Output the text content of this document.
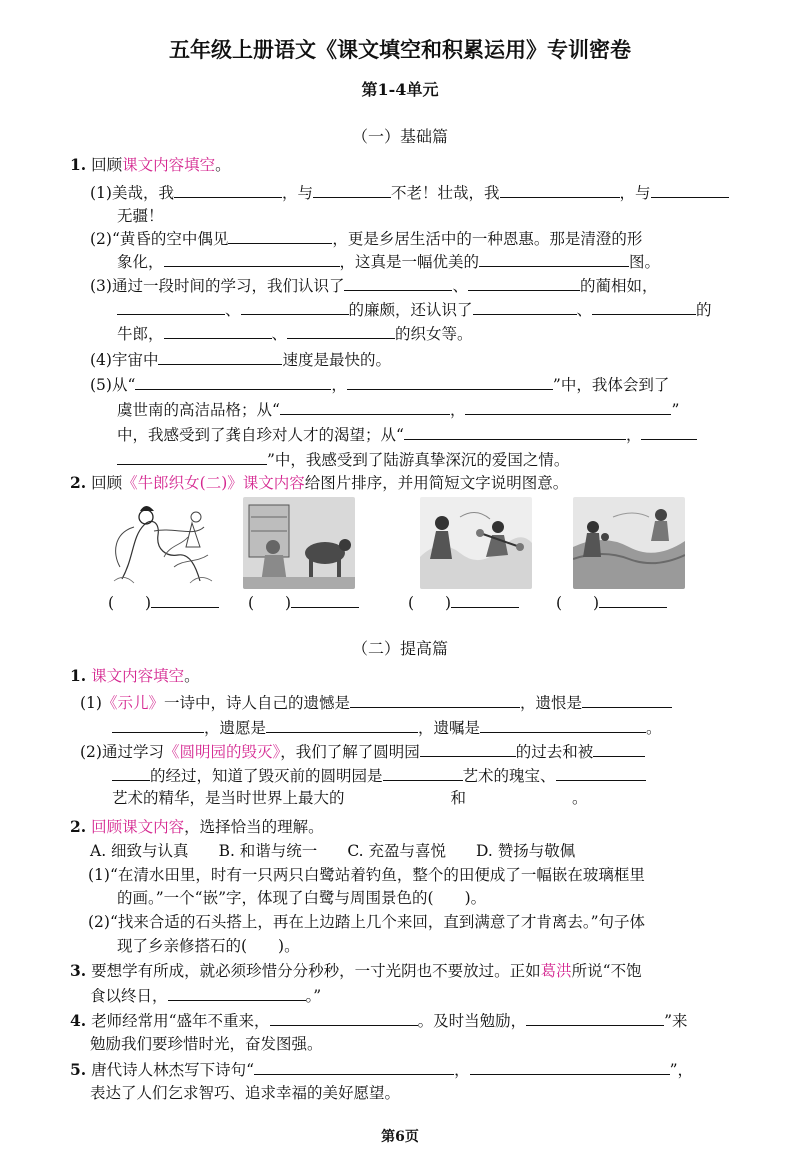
五年级上册语文《课文填空和积累运用》专训密卷
第1-4单元
（一）基础篇
1. 回顾课文内容填空。
(1)美哉，我	，与	不老！壮哉，我	，与
无疆！
(2)“黄昏的空中偶见	，更是乡居生活中的一种恩惠。那是清澄的形
象化，	，这真是一幅优美的	图。
(3)通过一段时间的学习，我们认识了	、	的蔺相如，
、	的廉颇，还认识了	、	的
牛郎，	、	的织女等。
(4)宇宙中	速度是最快的。
(5)从“	，	”中，我体会到了
虞世南的高洁品格；从“	，	”
中，我感受到了龚自珍对人才的渴望；从“	，
”中，我感受到了陆游真挚深沉的爱国之情。
2. 回顾《牛郎织女(二)》课文内容给图片排序，并用简短文字说明图意。
(　　)	(　　)	(　　)	(　　)
（二）提高篇
1. 课文内容填空。
(1)《示儿》一诗中，诗人自己的遗憾是	，遗恨是
，遗愿是	，遗嘱是	。
(2)通过学习《圆明园的毁灭》，我们了解了圆明园	的过去和被
的经过，知道了毁灭前的圆明园是	艺术的瑰宝、
艺术的精华，是当时世界上最大的	和	。
2. 回顾课文内容，选择恰当的理解。
A. 细致与认真 B. 和谐与统一 C. 充盈与喜悦 D. 赞扬与敬佩
(1)“在清水田里，时有一只两只白鹭站着钓鱼，整个的田便成了一幅嵌在玻璃框里
的画。”一个“嵌”字，体现了白鹭与周围景色的(　　)。
(2)“找来合适的石头搭上，再在上边踏上几个来回，直到满意了才肯离去。”句子体
现了乡亲修搭石的(　　)。
3. 要想学有所成，就必须珍惜分分秒秒，一寸光阴也不要放过。正如葛洪所说“不饱
食以终日，	。”
4. 老师经常用“盛年不重来，	。及时当勉励，	”来
勉励我们要珍惜时光，奋发图强。
5. 唐代诗人林杰写下诗句“	，	”，
表达了人们乞求智巧、追求幸福的美好愿望。
第6页
